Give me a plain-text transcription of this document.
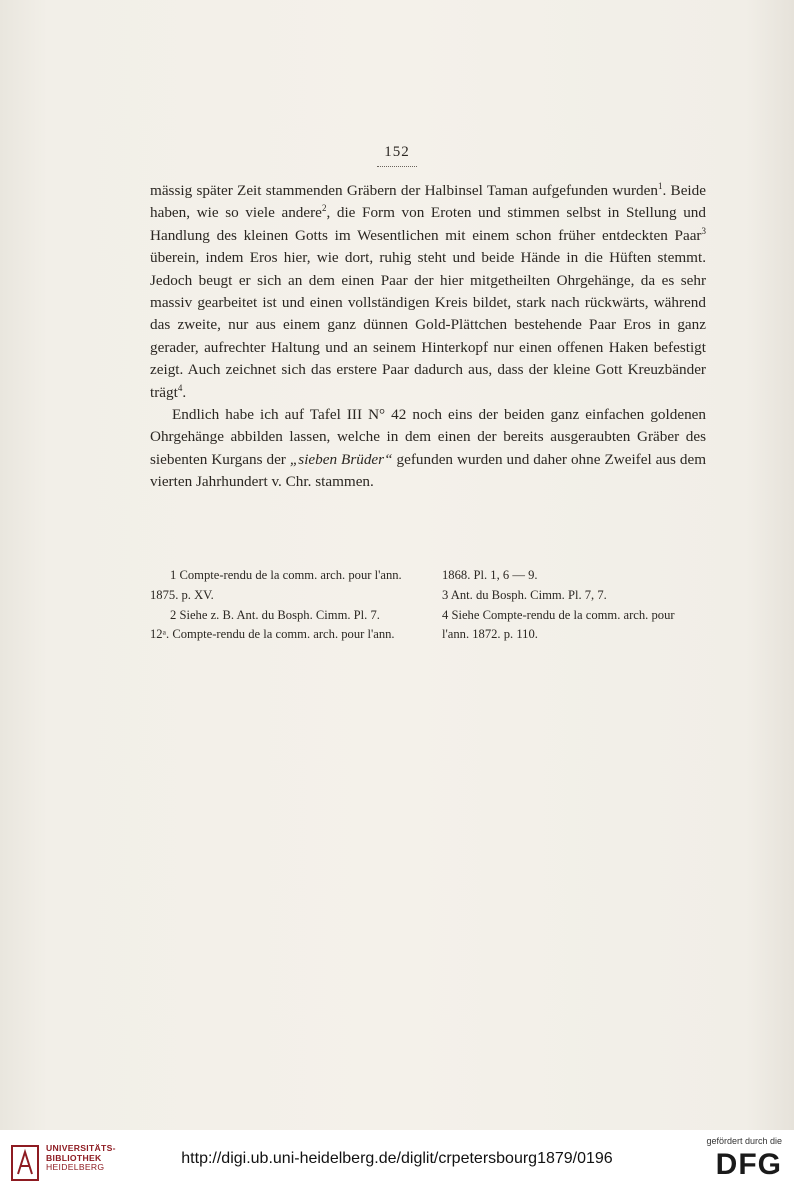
152

mässig später Zeit stammenden Gräbern der Halbinsel Taman aufgefunden wurden$^1$. Beide haben, wie so viele andere$^2$, die Form von Eroten und stimmen selbst in Stellung und Handlung des kleinen Gotts im Wesentlichen mit einem schon früher entdeckten Paar$^3$ überein, indem Eros hier, wie dort, ruhig steht und beide Hände in die Hüften stemmt. Jedoch beugt er sich an dem einen Paar der hier mitgetheilten Ohrgehänge, da es sehr massiv gearbeitet ist und einen vollständigen Kreis bildet, stark nach rückwärts, während das zweite, nur aus einem ganz dünnen Gold-Plättchen bestehende Paar Eros in ganz gerader, aufrechter Haltung und an seinem Hinterkopf nur einen offenen Haken befestigt zeigt. Auch zeichnet sich das erstere Paar dadurch aus, dass der kleine Gott Kreuzbänder trägt$^4$.

Endlich habe ich auf Tafel III N° 42 noch eins der beiden ganz einfachen goldenen Ohrgehänge abbilden lassen, welche in dem einen der bereits ausgeraubten Gräber des siebenten Kurgans der „sieben Brüder“ gefunden wurden und daher ohne Zweifel aus dem vierten Jahrhundert v. Chr. stammen.

1 Compte-rendu de la comm. arch. pour l'ann.	1868. Pl. 1, 6 — 9.
1875. p. XV.	3 Ant. du Bosph. Cimm. Pl. 7, 7.
2 Siehe z. B. Ant. du Bosph. Cimm. Pl. 7.	4 Siehe Compte-rendu de la comm. arch. pour
12ᵃ. Compte-rendu de la comm. arch. pour l'ann.	l'ann. 1872. p. 110.
UNIVERSITÄTS-
BIBLIOTHEK
HEIDELBERG
http://digi.ub.uni-heidelberg.de/diglit/crpetersbourg1879/0196
gefördert durch die
DFG
